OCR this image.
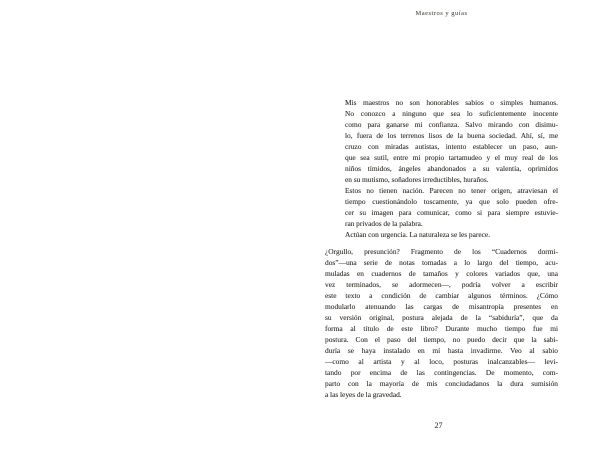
Maestros y guías
Mis maestros no son honorables sabios o simples humanos.
No conozco a ninguno que sea lo suficientemente inocente
como para ganarse mi confianza. Salvo mirando con disimu-
lo, fuera de los terrenos lisos de la buena sociedad. Ahí, sí, me
cruzo con miradas autistas, intento establecer un paso, aun-
que sea sutil, entre mi propio tartamudeo y el muy real de los
niños tímidos, ángeles abandonados a su valentía, oprimidos
en su mutismo, soñadores irreductibles, huraños.
Estos no tienen nación. Parecen no tener origen, atraviesan el
tiempo cuestionándolo toscamente, ya que solo pueden ofre-
cer su imagen para comunicar, como si para siempre estuvie-
ran privados de la palabra.
Actúan con urgencia. La naturaleza se les parece.
¿Orgullo, presunción? Fragmento de los “Cuadernos dormi-
dos”—una serie de notas tomadas a lo largo del tiempo, acu-
muladas en cuadernos de tamaños y colores variados que, una
vez terminados, se adormecen—, podría volver a escribir
este texto a condición de cambiar algunos términos. ¿Cómo
modularlo atenuando las cargas de misantropía presentes en
su versión original, postura alejada de la “sabiduría”, que da
forma al título de este libro? Durante mucho tiempo fue mi
postura. Con el paso del tiempo, no puedo decir que la sabi-
duría se haya instalado en mí hasta invadirme. Veo al sabio
—como al artista y al loco, posturas inalcanzables— levi-
tando por encima de las contingencias. De momento, com-
parto con la mayoría de mis conciudadanos la dura sumisión
a las leyes de la gravedad.
27
